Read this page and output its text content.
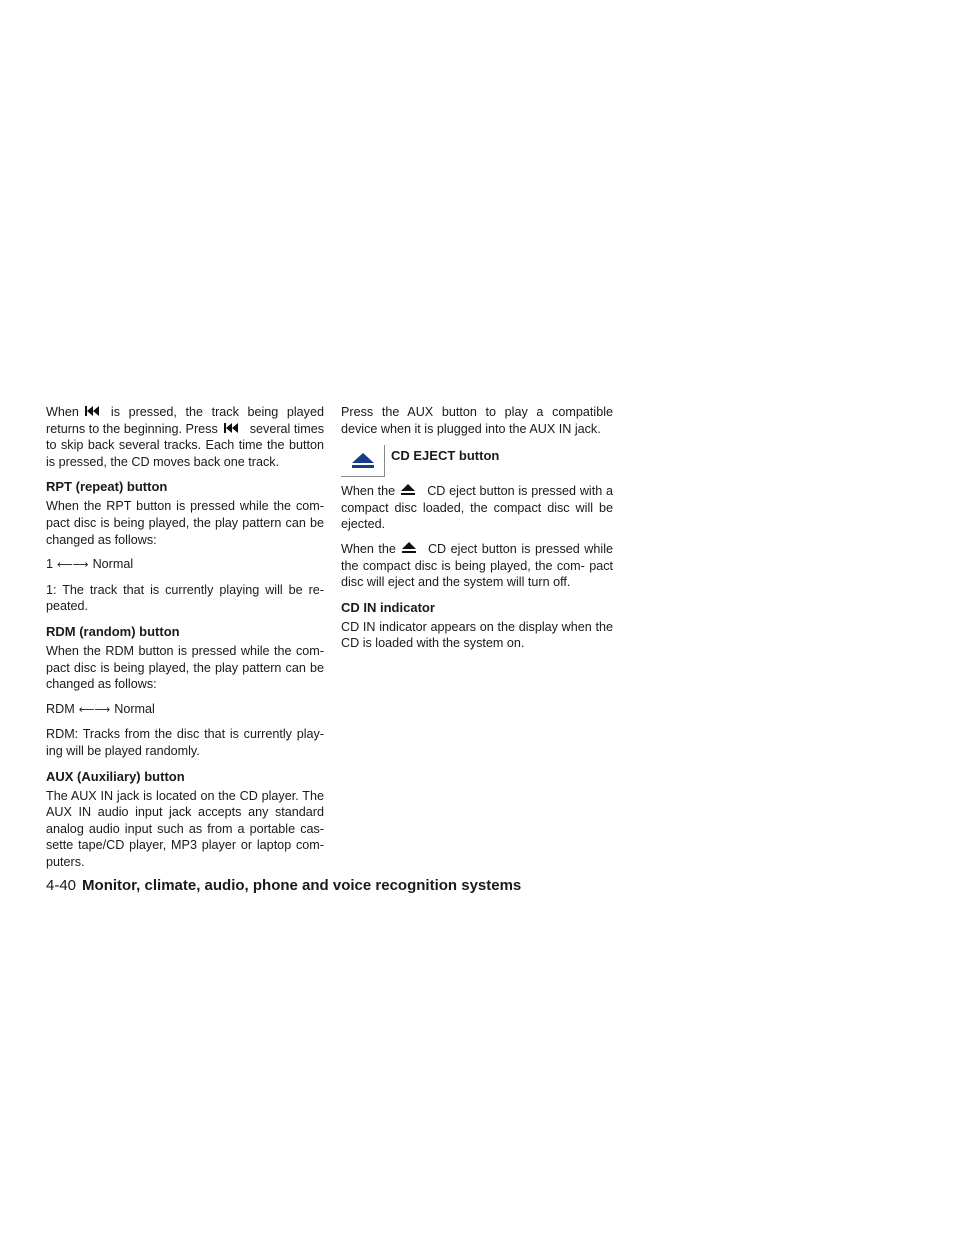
When	is pressed, the track being played returns to the beginning. Press	several times to skip back several tracks. Each time the button is pressed, the CD moves back one track.

RPT (repeat) button

When the RPT button is pressed while the com- pact disc is being played, the play pattern can be changed as follows:

1 ⟵⟶ Normal

1: The track that is currently playing will be re- peated.

RDM (random) button

When the RDM button is pressed while the com- pact disc is being played, the play pattern can be changed as follows:

RDM ⟵⟶ Normal

RDM: Tracks from the disc that is currently play- ing will be played randomly.

AUX (Auxiliary) button

The AUX IN jack is located on the CD player. The AUX IN audio input jack accepts any standard analog audio input such as from a portable cas- sette tape/CD player, MP3 player or laptop com- puters.

Press the AUX button to play a compatible device when it is plugged into the AUX IN jack.

CD EJECT button

When the	CD eject button is pressed with a compact disc loaded, the compact disc will be ejected.

When the	CD eject button is pressed while the compact disc is being played, the com- pact disc will eject and the system will turn off.

CD IN indicator

CD IN indicator appears on the display when the CD is loaded with the system on.

4-40 Monitor, climate, audio, phone and voice recognition systems
